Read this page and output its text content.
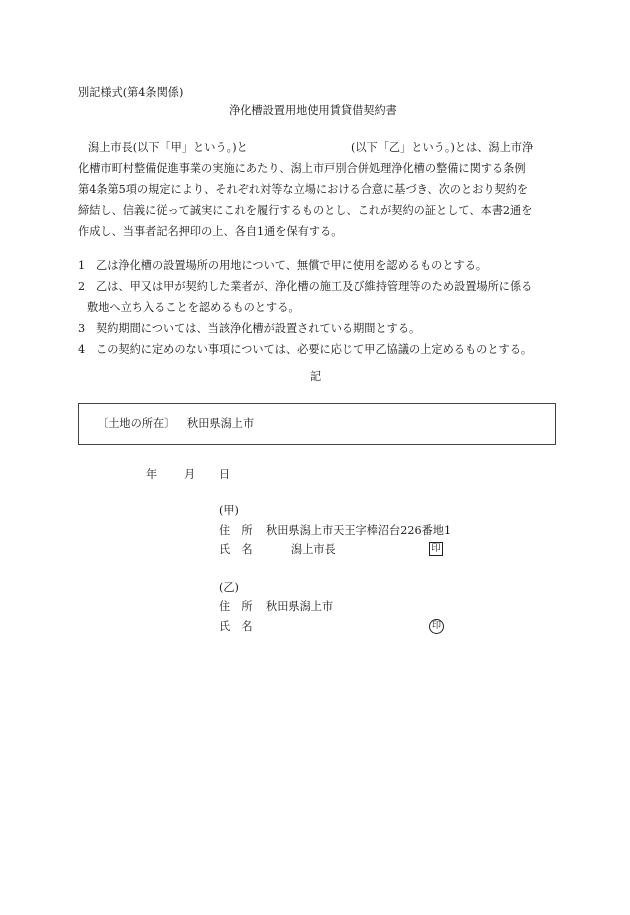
別記様式(第4条関係)
浄化槽設置用地使用賃貸借契約書
潟上市長(以下「甲」という。)と	(以下「乙」という。)とは、潟上市浄
化槽市町村整備促進事業の実施にあたり、潟上市戸別合併処理浄化槽の整備に関する条例
第4条第5項の規定により、それぞれ対等な立場における合意に基づき、次のとおり契約を
締結し、信義に従って誠実にこれを履行するものとし、これが契約の証として、本書2通を
作成し、当事者記名押印の上、各自1通を保有する。
1 乙は浄化槽の設置場所の用地について、無償で甲に使用を認めるものとする。
2 乙は、甲又は甲が契約した業者が、浄化槽の施工及び維持管理等のため設置場所に係る
敷地へ立ち入ることを認めるものとする。
3 契約期間については、当該浄化槽が設置されている期間とする。
4 この契約に定めのない事項については、必要に応じて甲乙協議の上定めるものとする。
記
〔土地の所在〕 秋田県潟上市
年 月 日
(甲)
住　所 秋田県潟上市天王字棒沼台226番地1
氏　名	潟上市長	印
(乙)
住　所 秋田県潟上市
氏　名	印
